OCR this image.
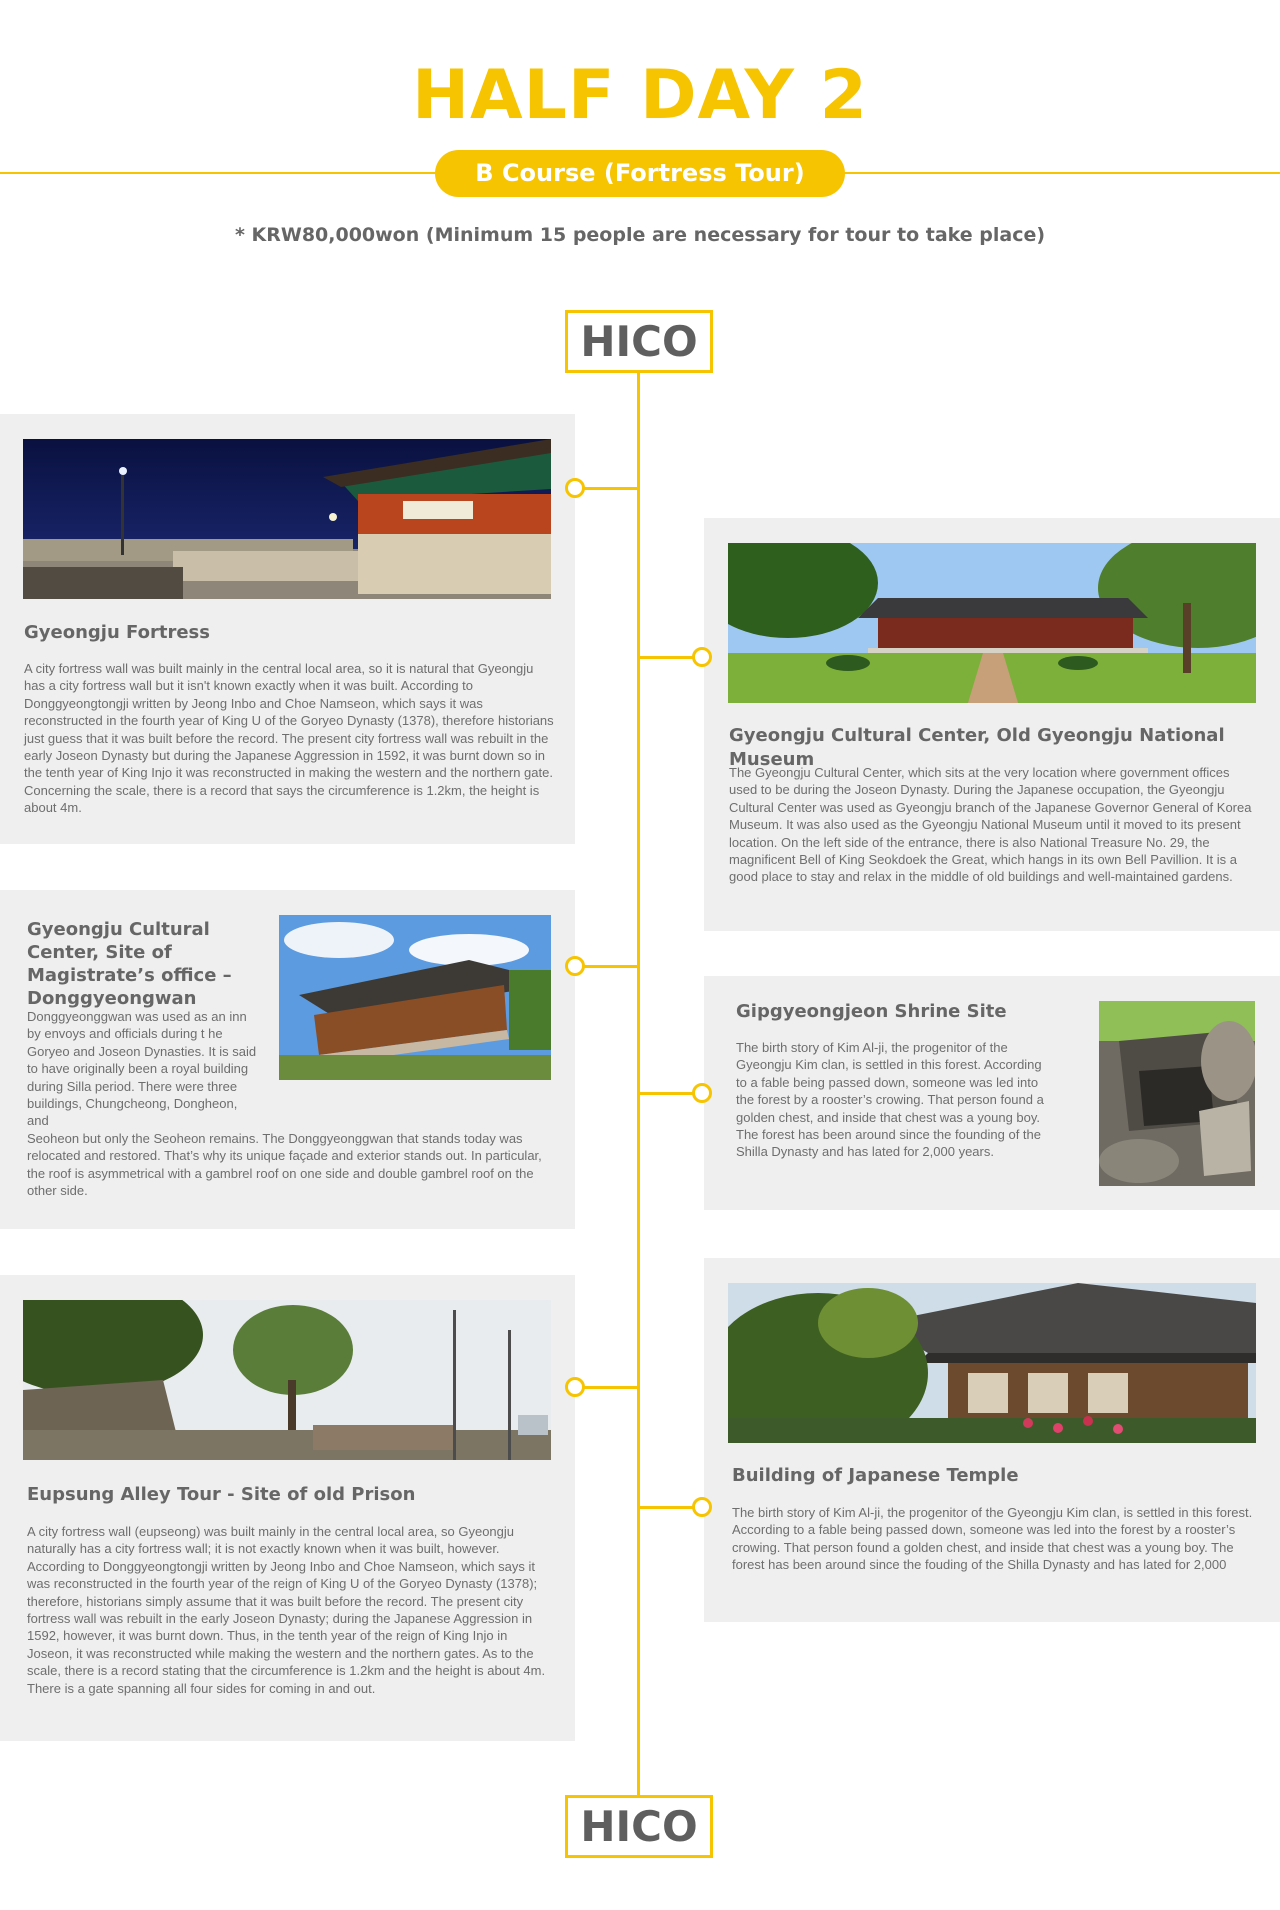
HALF DAY 2
B Course (Fortress Tour)
* KRW80,000won (Minimum 15 people are necessary for tour to take place)
HICO
HICO
Gyeongju Fortress

A city fortress wall was built mainly in the central local area, so it is natural that Gyeongju has a city fortress wall but it isn't known exactly when it was built. According to Donggyeongtongji written by Jeong Inbo and Choe Namseon, which says it was reconstructed in the fourth year of King U of the Goryeo Dynasty (1378), therefore historians just guess that it was built before the record. The present city fortress wall was rebuilt in the early Joseon Dynasty but during the Japanese Aggression in 1592, it was burnt down so in the tenth year of King Injo it was reconstructed in making the western and the northern gate. Concerning the scale, there is a record that says the circumference is 1.2km, the height is about 4m.

Gyeongju Cultural Center, Old Gyeongju National Museum

The Gyeongju Cultural Center, which sits at the very location where government offices used to be during the Joseon Dynasty. During the Japanese occupation, the Gyeongju Cultural Center was used as Gyeongju branch of the Japanese Governor General of Korea Museum. It was also used as the Gyeongju National Museum until it moved to its present location. On the left side of the entrance, there is also National Treasure No. 29, the magnificent Bell of King Seokdoek the Great, which hangs in its own Bell Pavillion. It is a good place to stay and relax in the middle of old buildings and well-maintained gardens.

Gyeongju Cultural Center, Site of Magistrate’s office – Donggyeongwan

Donggyeonggwan was used as an inn by envoys and officials during t he Goryeo and Joseon Dynasties. It is said to have originally been a royal building during Silla period. There were three buildings, Chungcheong, Dongheon, and

Seoheon but only the Seoheon remains. The Donggyeonggwan that stands today was relocated and restored. That’s why its unique façade and exterior stands out. In particular, the roof is asymmetrical with a gambrel roof on one side and double gambrel roof on the other side.

Gipgyeongjeon Shrine Site

The birth story of Kim Al-ji, the progenitor of the Gyeongju Kim clan, is settled in this forest. According to a fable being passed down, someone was led into the forest by a rooster’s crowing. That person found a golden chest, and inside that chest was a young boy. The forest has been around since the founding of the Shilla Dynasty and has lated for 2,000 years.

Eupsung Alley Tour - Site of old Prison

A city fortress wall (eupseong) was built mainly in the central local area, so Gyeongju naturally has a city fortress wall; it is not exactly known when it was built, however. According to Donggyeongtongji written by Jeong Inbo and Choe Namseon, which says it was reconstructed in the fourth year of the reign of King U of the Goryeo Dynasty (1378); therefore, historians simply assume that it was built before the record. The present city fortress wall was rebuilt in the early Joseon Dynasty; during the Japanese Aggression in 1592, however, it was burnt down. Thus, in the tenth year of the reign of King Injo in Joseon, it was reconstructed while making the western and the northern gates. As to the scale, there is a record stating that the circumference is 1.2km and the height is about 4m. There is a gate spanning all four sides for coming in and out.

Building of Japanese Temple

The birth story of Kim Al-ji, the progenitor of the Gyeongju Kim clan, is settled in this forest. According to a fable being passed down, someone was led into the forest by a rooster’s crowing. That person found a golden chest, and inside that chest was a young boy. The forest has been around since the fouding of the Shilla Dynasty and has lated for 2,000
